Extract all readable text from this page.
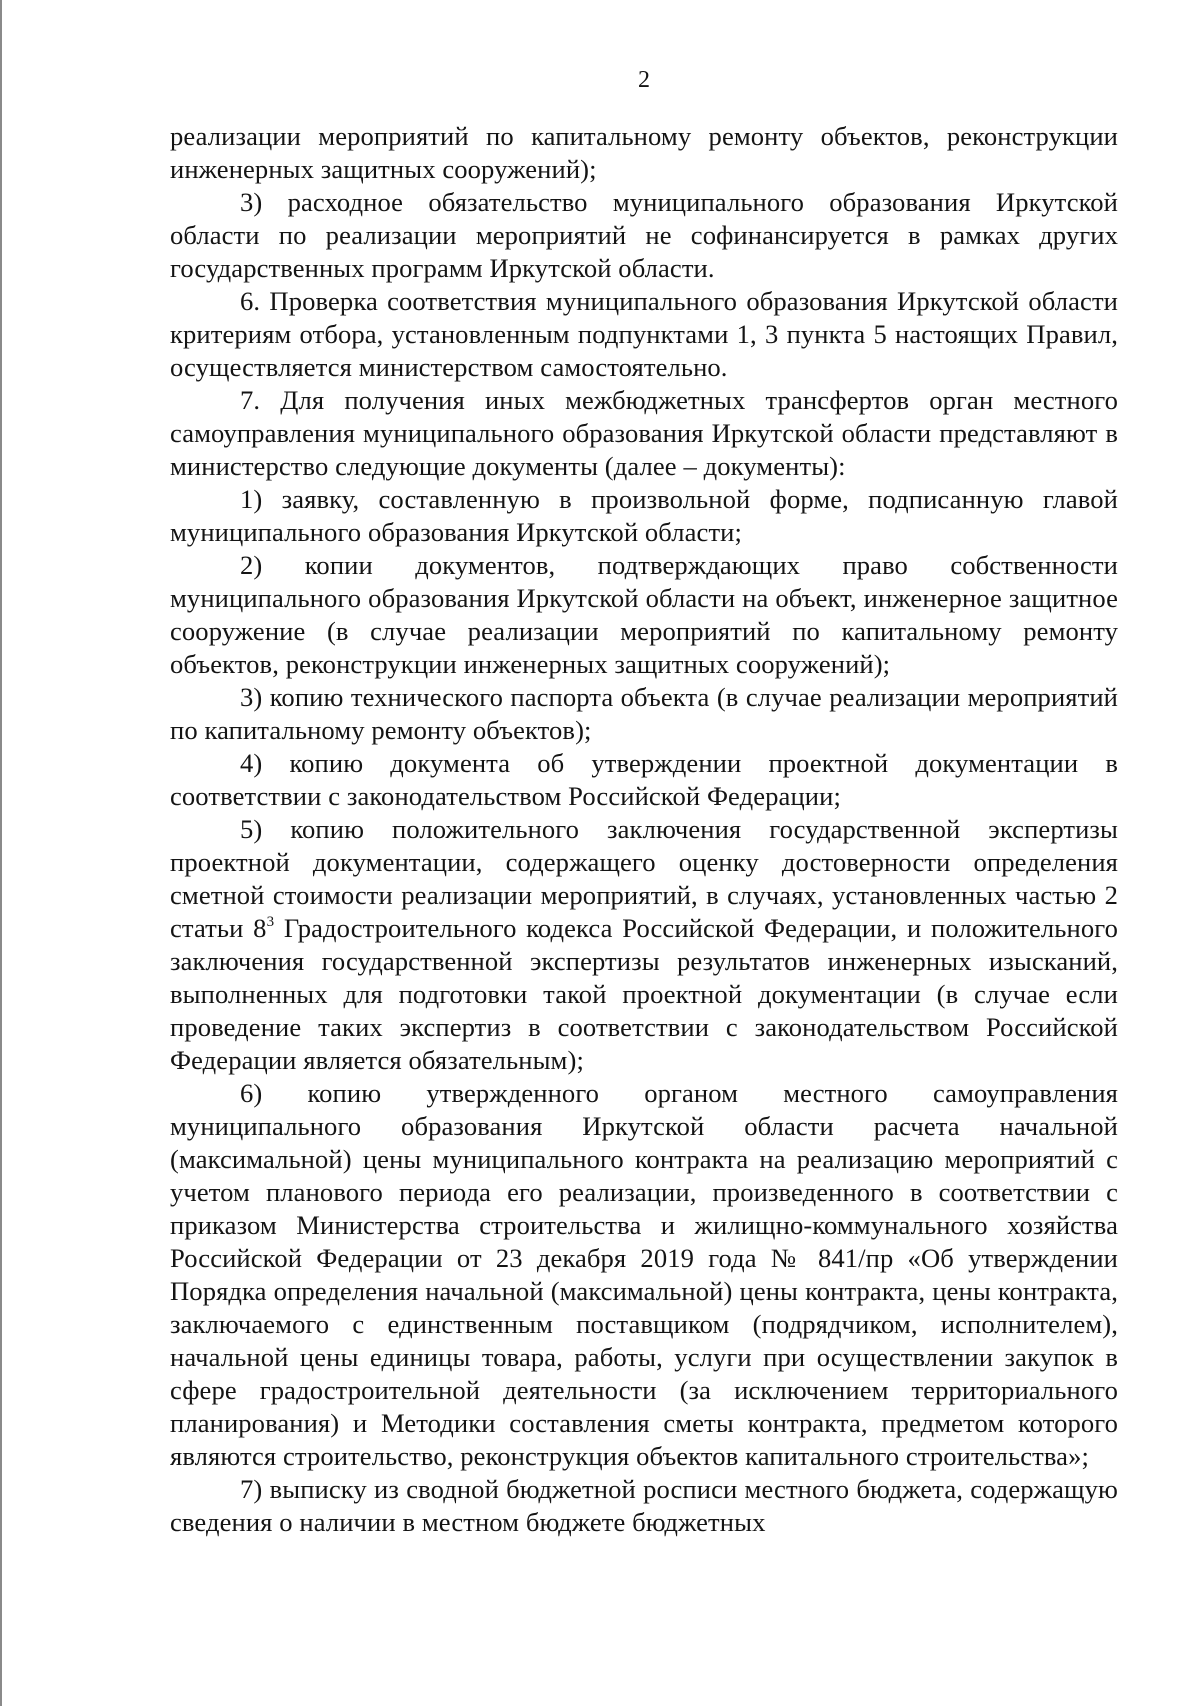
2

реализации мероприятий по капитальному ремонту объектов, реконструкции инженерных защитных сооружений);

3) расходное обязательство муниципального образования Иркутской области по реализации мероприятий не софинансируется в рамках других государственных программ Иркутской области.

6. Проверка соответствия муниципального образования Иркутской области критериям отбора, установленным подпунктами 1, 3 пункта 5 настоящих Правил, осуществляется министерством самостоятельно.

7. Для получения иных межбюджетных трансфертов орган местного самоуправления муниципального образования Иркутской области представляют в министерство следующие документы (далее – документы):

1) заявку, составленную в произвольной форме, подписанную главой муниципального образования Иркутской области;

2) копии документов, подтверждающих право собственности муниципального образования Иркутской области на объект, инженерное защитное сооружение (в случае реализации мероприятий по капитальному ремонту объектов, реконструкции инженерных защитных сооружений);

3) копию технического паспорта объекта (в случае реализации мероприятий по капитальному ремонту объектов);

4) копию документа об утверждении проектной документации в соответствии с законодательством Российской Федерации;

5) копию положительного заключения государственной экспертизы проектной документации, содержащего оценку достоверности определения сметной стоимости реализации мероприятий, в случаях, установленных частью 2 статьи $8^3$ Градостроительного кодекса Российской Федерации, и положительного заключения государственной экспертизы результатов инженерных изысканий, выполненных для подготовки такой проектной документации (в случае если проведение таких экспертиз в соответствии с законодательством Российской Федерации является обязательным);

6) копию утвержденного органом местного самоуправления муниципального образования Иркутской области расчета начальной (максимальной) цены муниципального контракта на реализацию мероприятий с учетом планового периода его реализации, произведенного в соответствии с приказом Министерства строительства и жилищно-коммунального хозяйства Российской Федерации от 23 декабря 2019 года № 841/пр «Об утверждении Порядка определения начальной (максимальной) цены контракта, цены контракта, заключаемого с единственным поставщиком (подрядчиком, исполнителем), начальной цены единицы товара, работы, услуги при осуществлении закупок в сфере градостроительной деятельности (за исключением территориального планирования) и Методики составления сметы контракта, предметом которого являются строительство, реконструкция объектов капитального строительства»;

7) выписку из сводной бюджетной росписи местного бюджета, содержащую сведения о наличии в местном бюджете бюджетных
